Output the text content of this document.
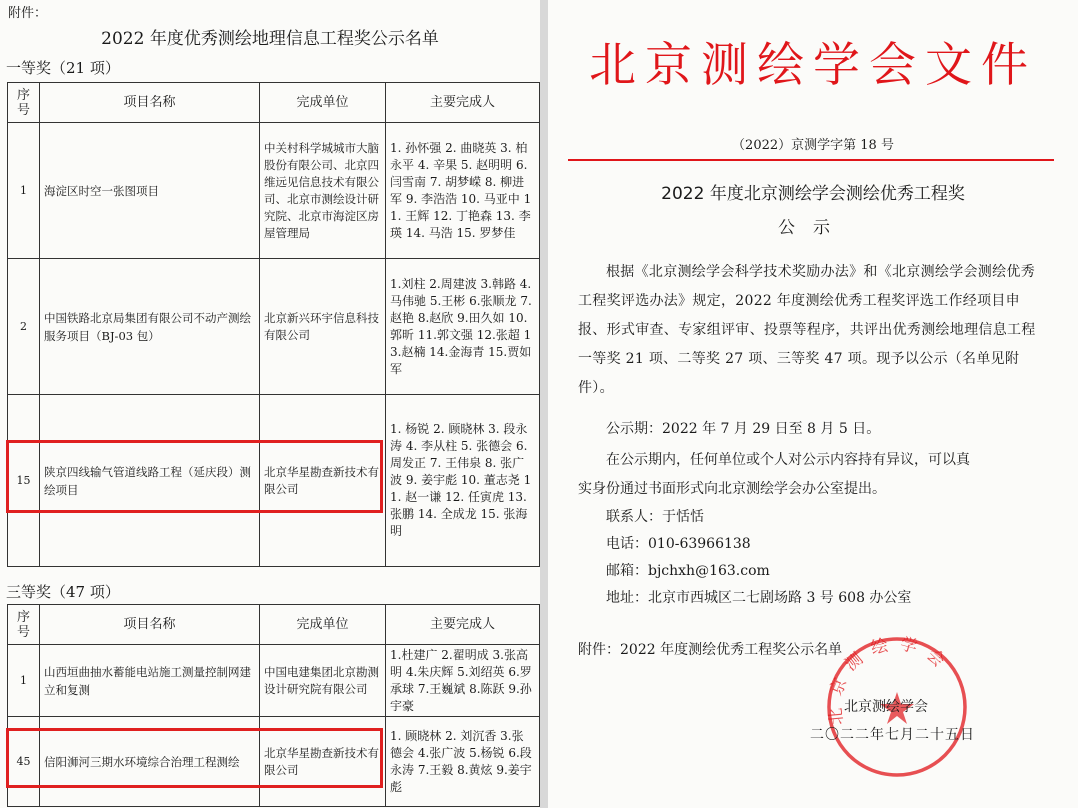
附件：
2022 年度优秀测绘地理信息工程奖公示名单
一等奖（21 项）
序号	项目名称	完成单位	主要完成人
1	海淀区时空一张图项目	中关村科学城城市大脑股份有限公司、北京四维远见信息技术有限公司、北京市测绘设计研究院、北京市海淀区房屋管理局	1. 孙怀强 2. 曲晓英 3. 柏永平 4. 辛果 5. 赵明明 6. 闫雪南 7. 胡梦嵘 8. 柳进军 9. 李浩浩 10. 马亚中 11. 王辉 12. 丁艳森 13. 李瑛 14. 马浩 15. 罗梦佳
2	中国铁路北京局集团有限公司不动产测绘服务项目（BJ-03 包）	北京新兴环宇信息科技有限公司	1.刘柱 2.周建波 3.韩路 4.马伟驰 5.王彬 6.张顺龙 7.赵艳 8.赵欣 9.田久如 10.郭昕 11.郭文强 12.张超 13.赵楠 14.金海青 15.贾如军
15	陕京四线输气管道线路工程（延庆段）测绘项目	北京华星勘查新技术有限公司	1. 杨锐 2. 顾晓林 3. 段永涛 4. 李从柱 5. 张德会 6. 周发正 7. 王伟泉 8. 张广波 9. 姜宇彪 10. 董志尧 11. 赵一谦 12. 任寅虎 13. 张鹏 14. 全成龙 15. 张海明
三等奖（47 项）
序号	项目名称	完成单位	主要完成人
1	山西垣曲抽水蓄能电站施工测量控制网建立和复测	中国电建集团北京勘测设计研究院有限公司	1.杜建广 2.翟明成 3.张高明 4.朱庆辉 5.刘绍英 6.罗承球 7.王巍斌 8.陈跃 9.孙宇豪
45	信阳浉河三期水环境综合治理工程测绘	北京华星勘查新技术有限公司	1. 顾晓林 2. 刘沉香 3.张德会 4.张广波 5.杨锐 6.段永涛 7.王毅 8.黄炫 9.姜宇彪
北京测绘学会文件
（2022）京测学字第 18 号
2022 年度北京测绘学会测绘优秀工程奖
公示
根据《北京测绘学会科学技术奖励办法》和《北京测绘学会测绘优秀工程奖评选办法》规定，2022 年度测绘优秀工程奖评选工作经项目申报、形式审查、专家组评审、投票等程序，共评出优秀测绘地理信息工程一等奖 21 项、二等奖 27 项、三等奖 47 项。现予以公示（名单见附件）。
公示期：2022 年 7 月 29 日至 8 月 5 日。
在公示期内，任何单位或个人对公示内容持有异议，可以真
实身份通过书面形式向北京测绘学会办公室提出。
联系人：于恬恬
电话：010-63966138
邮箱：bjchxh@163.com
地址：北京市西城区二七剧场路 3 号 608 办公室
附件：2022 年度测绘优秀工程奖公示名单
北京测绘学会
北京测绘学会
二〇二二年七月二十五日
